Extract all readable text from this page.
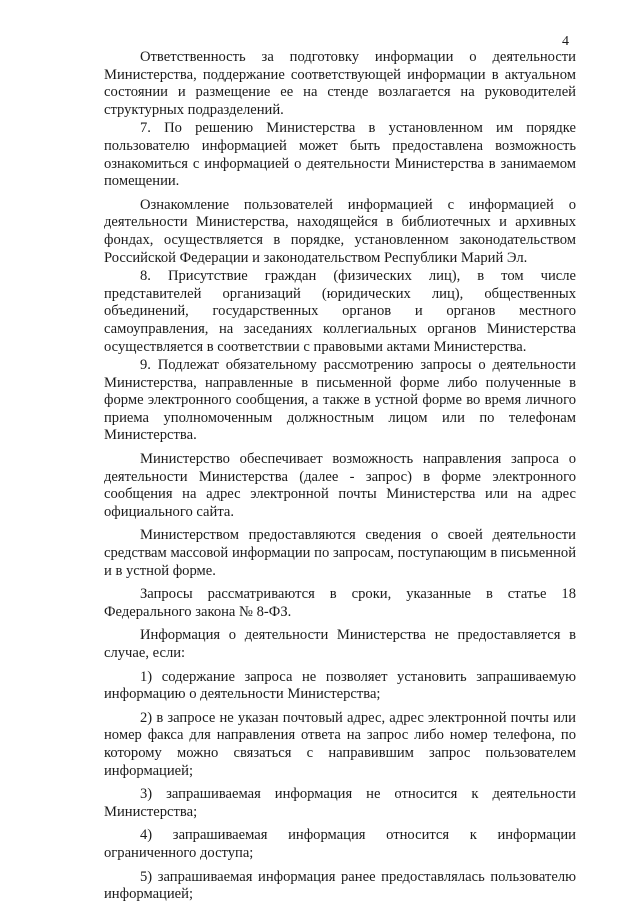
4

Ответственность за подготовку информации о деятельности Министерства, поддержание соответствующей информации в актуальном состоянии и размещение ее на стенде возлагается на руководителей структурных подразделений.

7. По решению Министерства в установленном им порядке пользователю информацией может быть предоставлена возможность ознакомиться с информацией о деятельности Министерства в занимаемом помещении.

Ознакомление пользователей информацией с информацией о деятельности Министерства, находящейся в библиотечных и архивных фондах, осуществляется в порядке, установленном законодательством Российской Федерации и законодательством Республики Марий Эл.

8. Присутствие граждан (физических лиц), в том числе представителей организаций (юридических лиц), общественных объединений, государственных органов и органов местного самоуправления, на заседаниях коллегиальных органов Министерства осуществляется в соответствии с правовыми актами Министерства.

9. Подлежат обязательному рассмотрению запросы о деятельности Министерства, направленные в письменной форме либо полученные в форме электронного сообщения, а также в устной форме во время личного приема уполномоченным должностным лицом или по телефонам Министерства.

Министерство обеспечивает возможность направления запроса о деятельности Министерства (далее - запрос) в форме электронного сообщения на адрес электронной почты Министерства или на адрес официального сайта.

Министерством предоставляются сведения о своей деятельности средствам массовой информации по запросам, поступающим в письменной и в устной форме.

Запросы рассматриваются в сроки, указанные в статье 18 Федерального закона № 8-ФЗ.

Информация о деятельности Министерства не предоставляется в случае, если:

1) содержание запроса не позволяет установить запрашиваемую информацию о деятельности Министерства;

2) в запросе не указан почтовый адрес, адрес электронной почты или номер факса для направления ответа на запрос либо номер телефона, по которому можно связаться с направившим запрос пользователем информацией;

3) запрашиваемая информация не относится к деятельности Министерства;

4) запрашиваемая информация относится к информации ограниченного доступа;

5) запрашиваемая информация ранее предоставлялась пользователю информацией;
